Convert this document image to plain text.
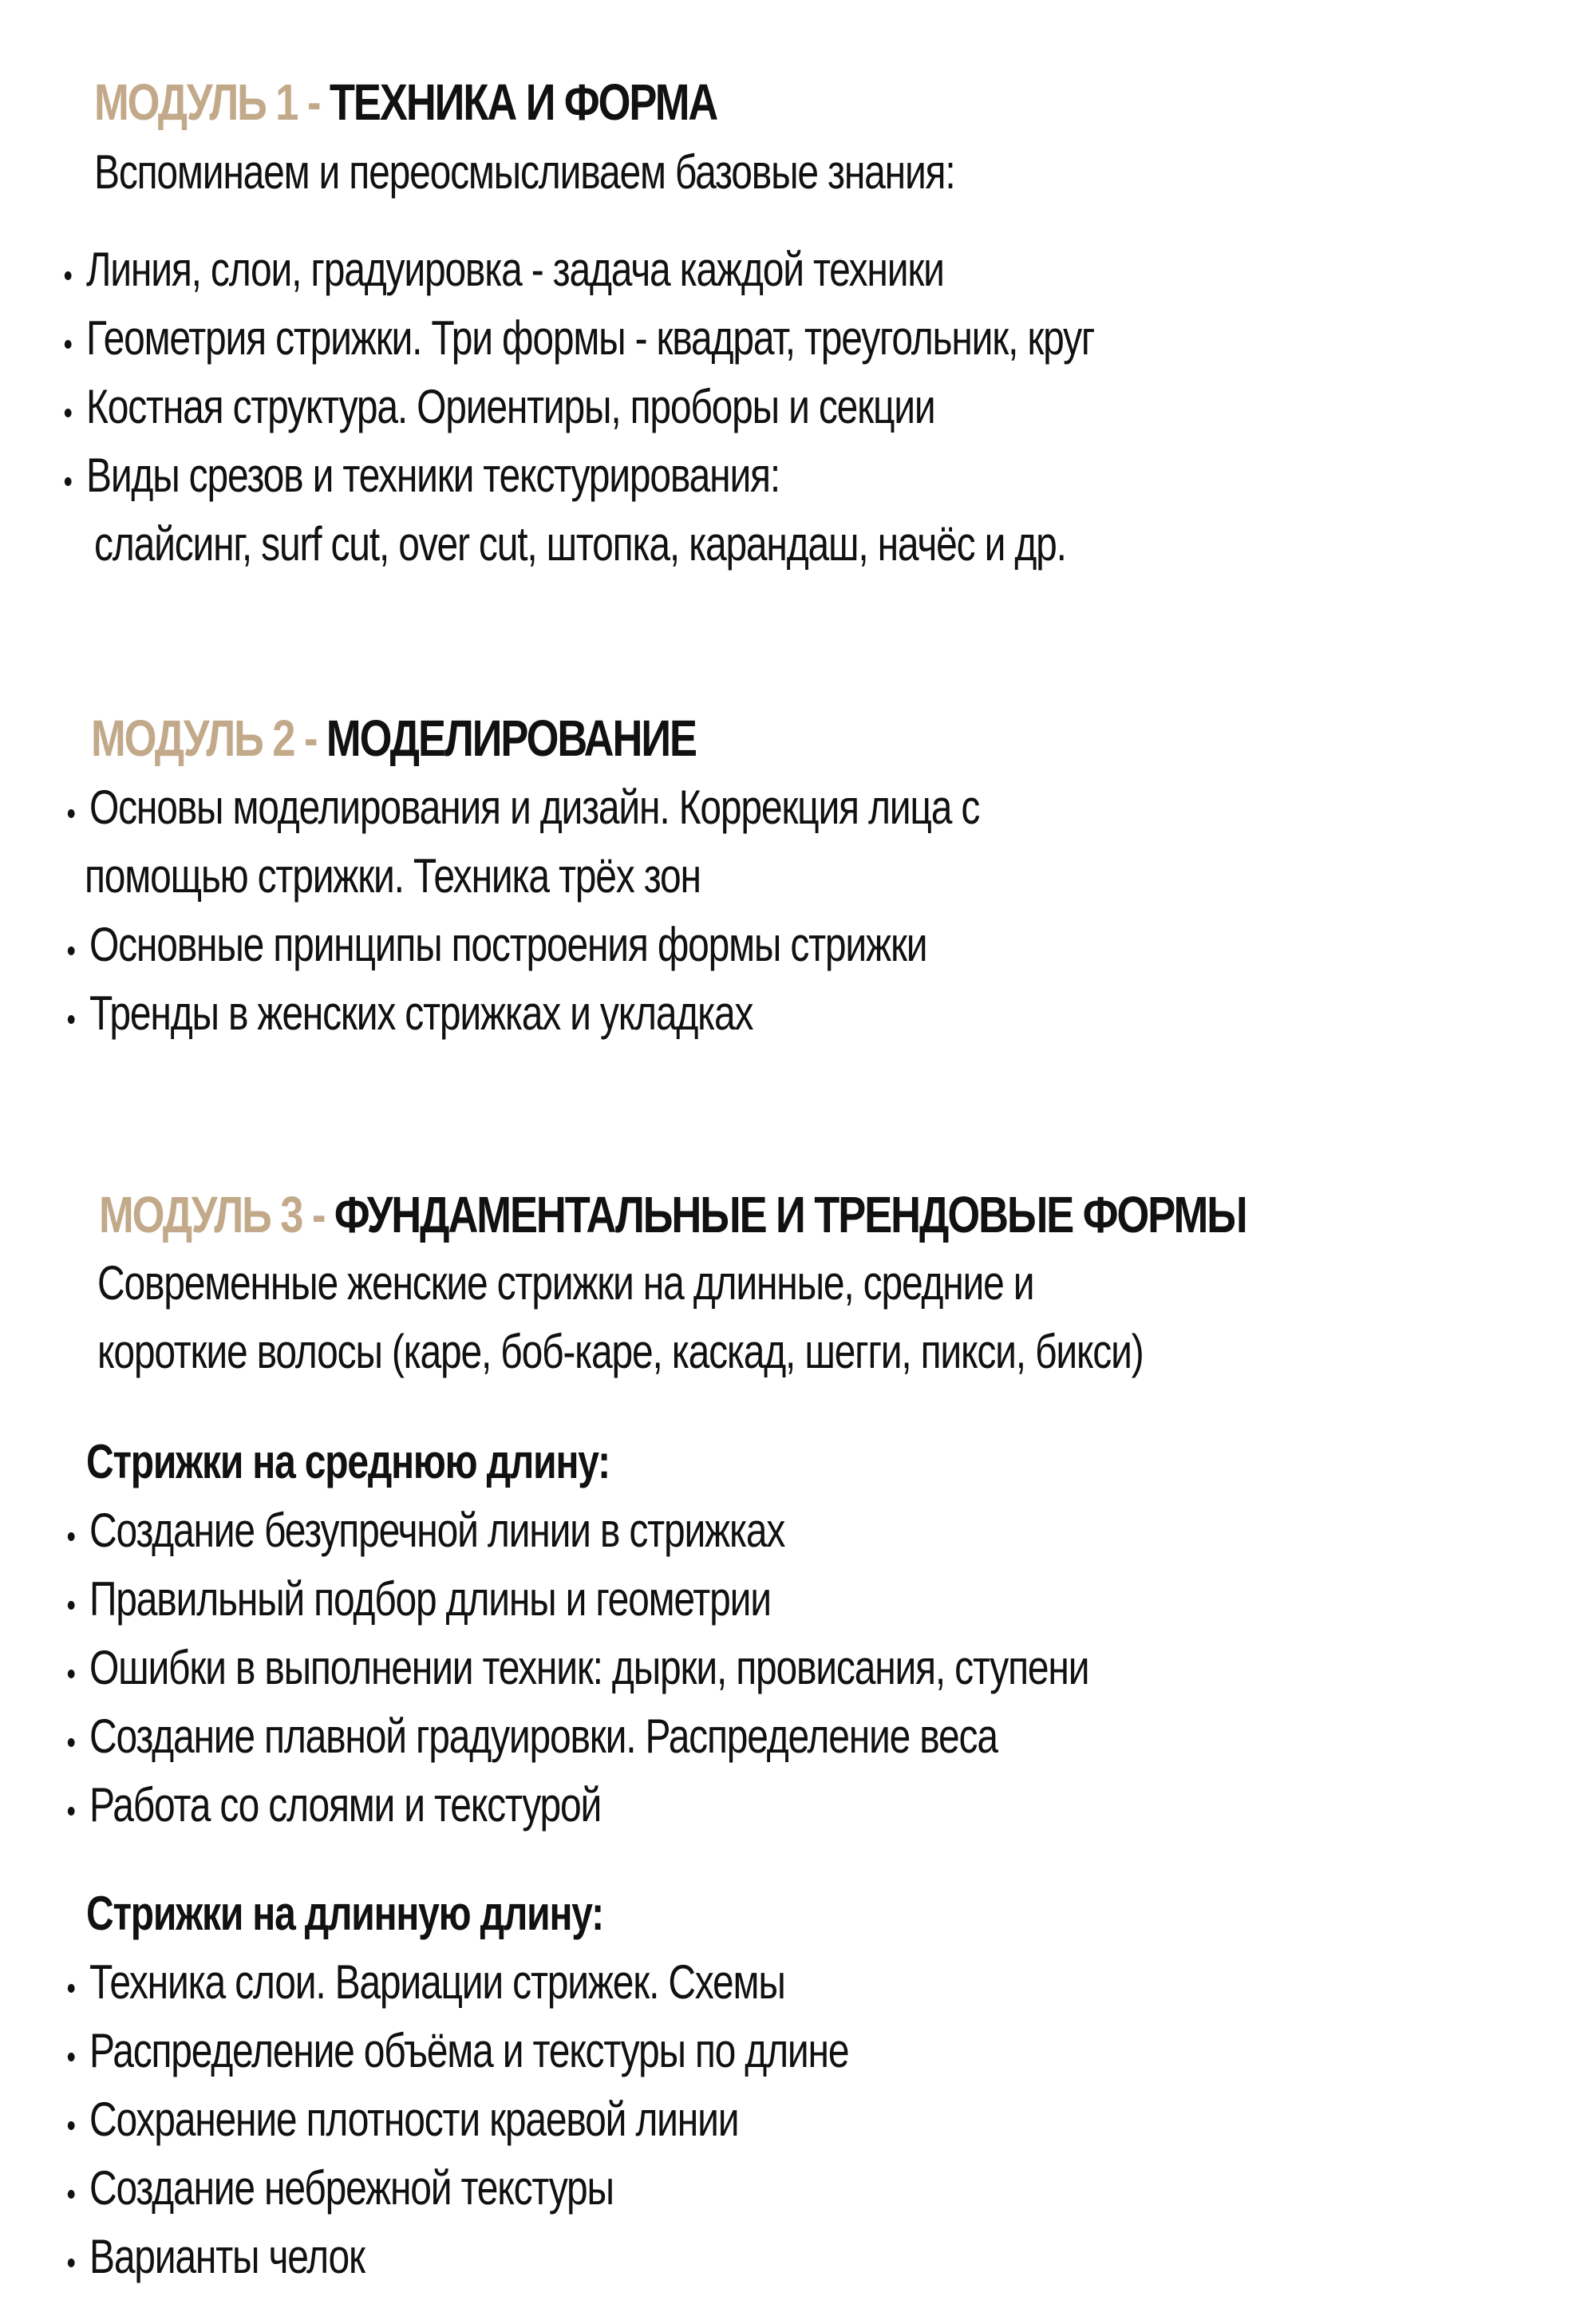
МОДУЛЬ 1 - ТЕХНИКА И ФОРМА
Вспоминаем и переосмысливаем базовые знания:
Линия, слои, градуировка - задача каждой техники
Геометрия стрижки. Три формы - квадрат, треугольник, круг
Костная структура. Ориентиры, проборы и секции
Виды срезов и техники текстурирования:
слайсинг, surf cut, over cut, штопка, карандаш, начёс и др.
МОДУЛЬ 2 - МОДЕЛИРОВАНИЕ
Основы моделирования и дизайн. Коррекция лица с
помощью стрижки. Техника трёх зон
Основные принципы построения формы стрижки
Тренды в женских стрижках и укладках
МОДУЛЬ 3 - ФУНДАМЕНТАЛЬНЫЕ И ТРЕНДОВЫЕ ФОРМЫ
Современные женские стрижки на длинные, средние и
короткие волосы (каре, боб-каре, каскад, шегги, пикси, бикси)
Стрижки на среднюю длину:
Создание безупречной линии в стрижках
Правильный подбор длины и геометрии
Ошибки в выполнении техник: дырки, провисания, ступени
Создание плавной градуировки. Распределение веса
Работа со слоями и текстурой
Стрижки на длинную длину:
Техника слои. Вариации стрижек. Схемы
Распределение объёма и текстуры по длине
Сохранение плотности краевой линии
Создание небрежной текстуры
Варианты челок
